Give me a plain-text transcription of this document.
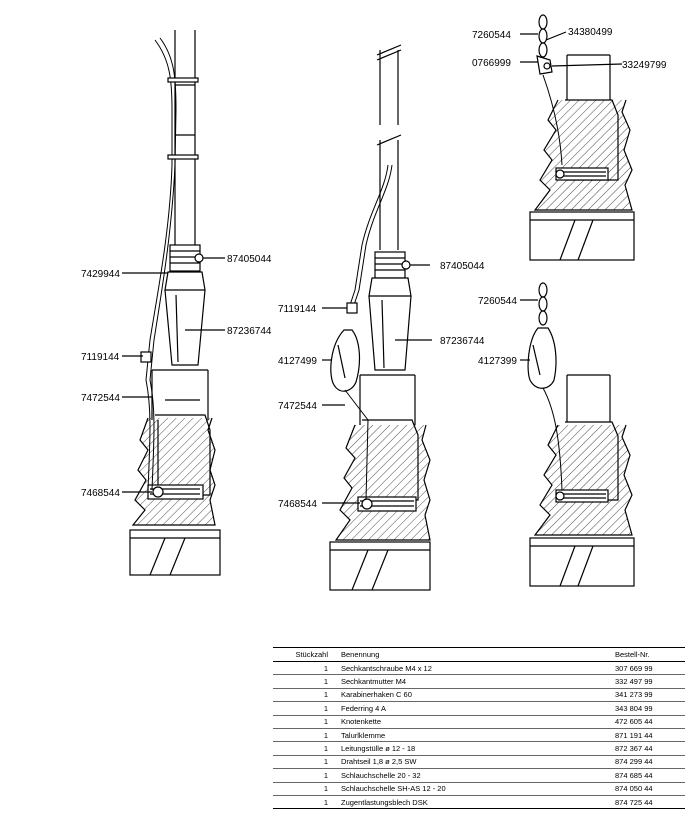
87405044
7429944
87236744
7119144
7472544
7468544
87405044
7119144
87236744
4127499
7472544
7468544
7260544	34380499
0766999	33249799
7260544
4127399
Stückzahl	Benennung	Bestell-Nr.
1	Sechkantschraube M4 x 12	307 669 99
1	Sechkantmutter M4	332 497 99
1	Karabinerhaken C 60	341 273 99
1	Federring 4 A	343 804 99
1	Knotenkette	472 605 44
1	Talurlklemme	871 191 44
1	Leitungstülle ø 12 - 18	872 367 44
1	Drahtseil 1,8 ø 2,5 SW	874 299 44
1	Schlauchschelle 20 - 32	874 685 44
1	Schlauchschelle SH-AS 12 - 20	874 050 44
1	Zugentlastungsblech DSK	874 725 44
